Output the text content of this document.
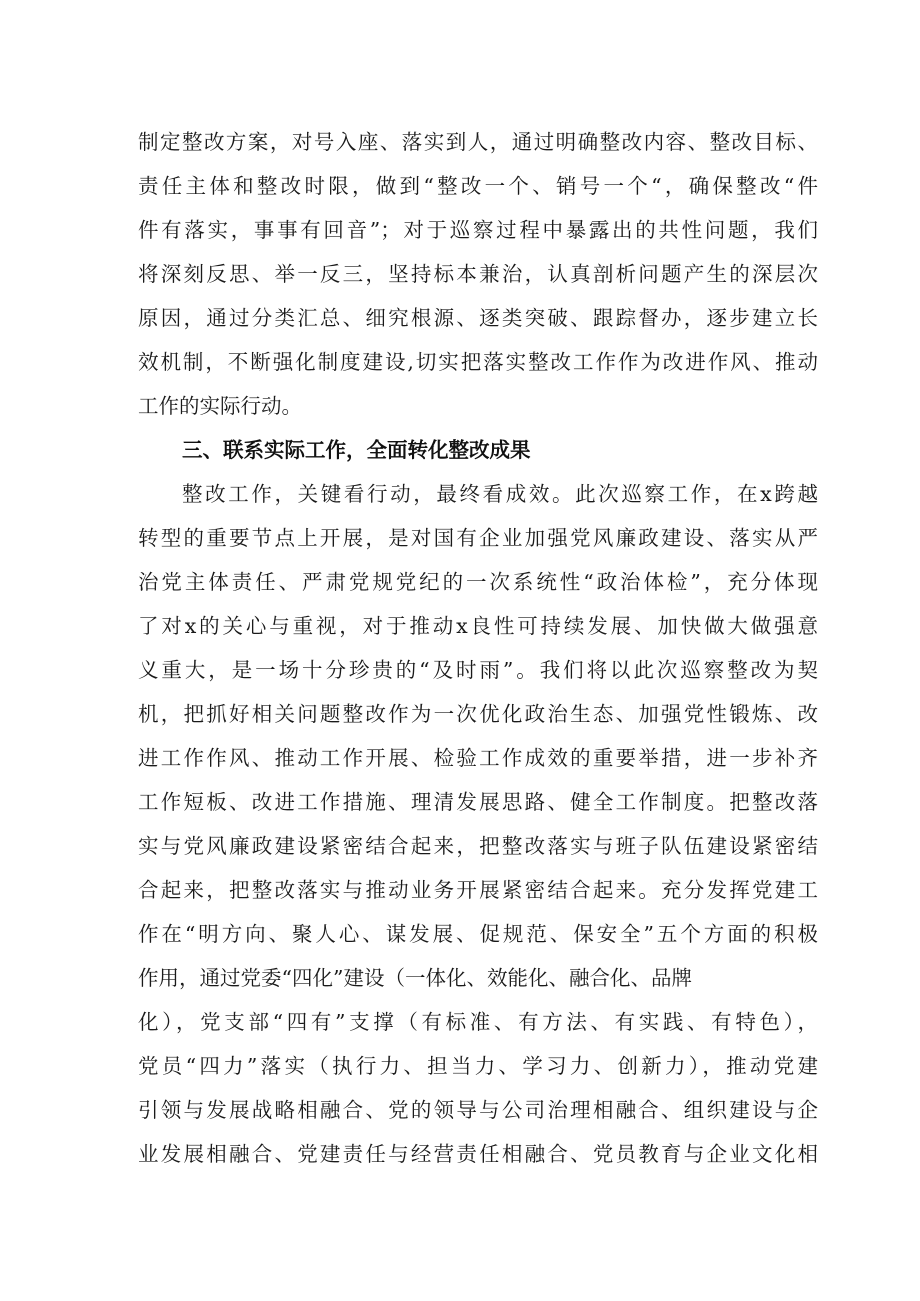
制定整改方案，对号入座、落实到人，通过明确整改内容、整改目标、
责任主体和整改时限，做到“整改一个、销号一个“，确保整改“件
件有落实，事事有回音”；对于巡察过程中暴露出的共性问题，我们
将深刻反思、举一反三，坚持标本兼治，认真剖析问题产生的深层次
原因，通过分类汇总、细究根源、逐类突破、跟踪督办，逐步建立长
效机制，不断强化制度建设,切实把落实整改工作作为改进作风、推动
工作的实际行动。
三、联系实际工作，全面转化整改成果
整改工作，关键看行动，最终看成效。此次巡察工作，在x跨越
转型的重要节点上开展，是对国有企业加强党风廉政建设、落实从严
治党主体责任、严肃党规党纪的一次系统性“政治体检”，充分体现
了对x的关心与重视，对于推动x良性可持续发展、加快做大做强意
义重大，是一场十分珍贵的“及时雨”。我们将以此次巡察整改为契
机，把抓好相关问题整改作为一次优化政治生态、加强党性锻炼、改
进工作作风、推动工作开展、检验工作成效的重要举措，进一步补齐
工作短板、改进工作措施、理清发展思路、健全工作制度。把整改落
实与党风廉政建设紧密结合起来，把整改落实与班子队伍建设紧密结
合起来，把整改落实与推动业务开展紧密结合起来。充分发挥党建工
作在“明方向、聚人心、谋发展、促规范、保安全”五个方面的积极
作用，通过党委“四化”建设（一体化、效能化、融合化、品牌
化），党支部“四有”支撑（有标准、有方法、有实践、有特色），
党员“四力”落实（执行力、担当力、学习力、创新力），推动党建
引领与发展战略相融合、党的领导与公司治理相融合、组织建设与企
业发展相融合、党建责任与经营责任相融合、党员教育与企业文化相
